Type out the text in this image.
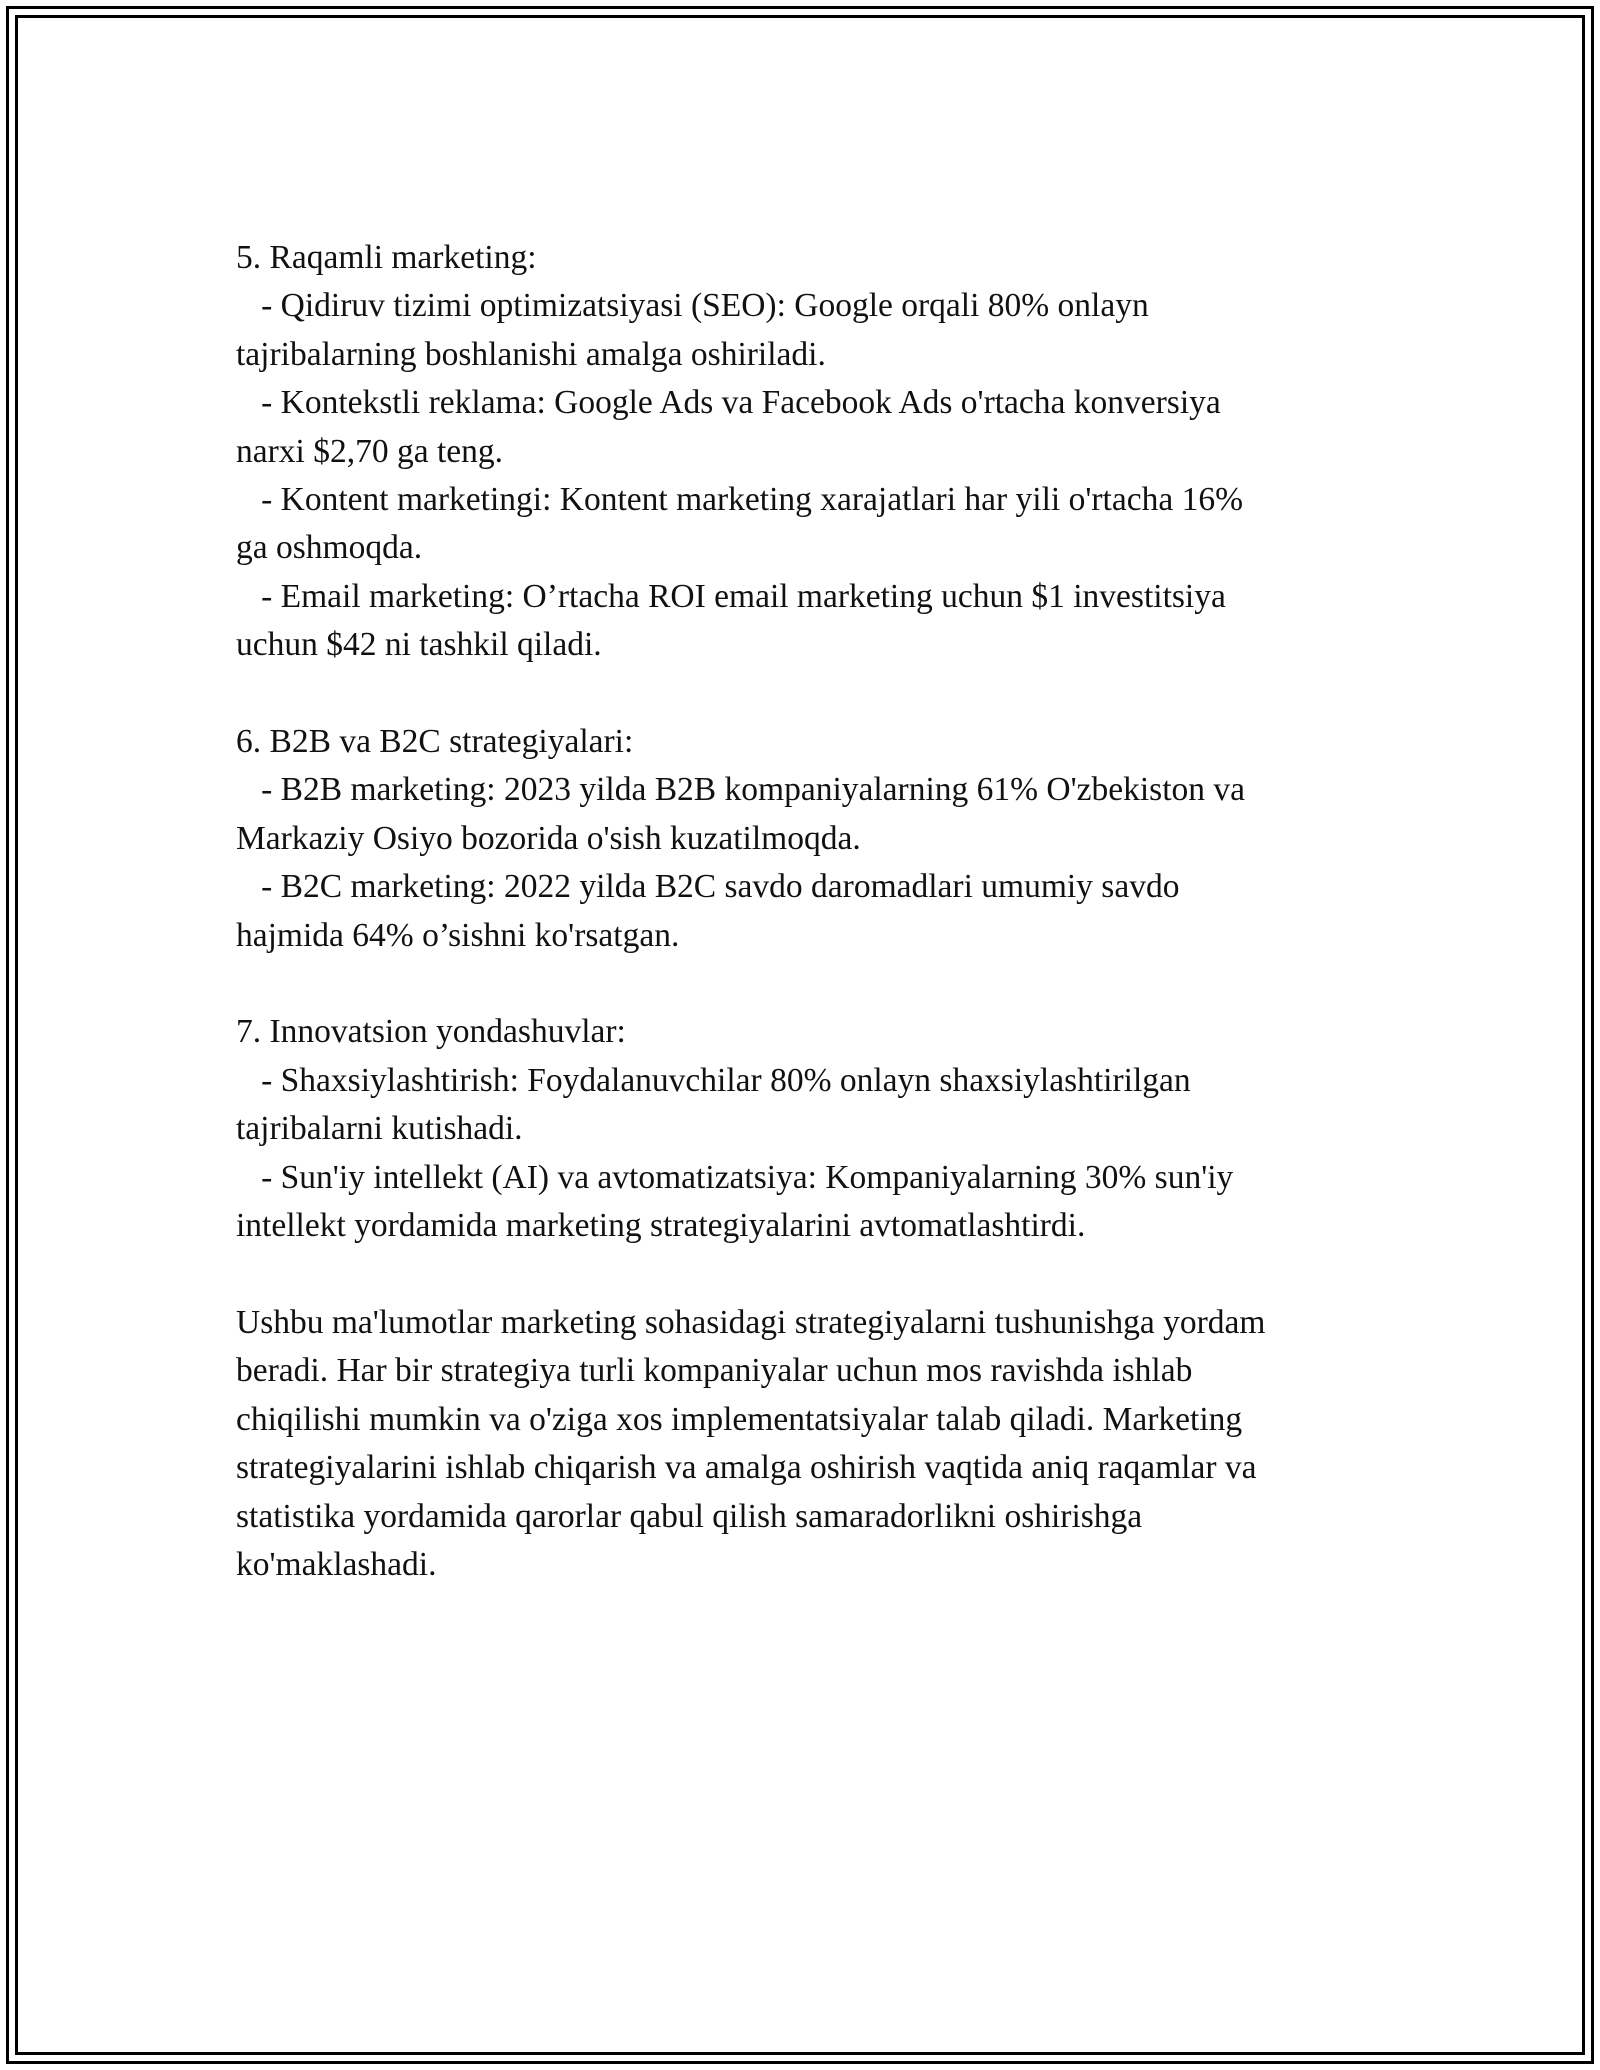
5. Raqamli marketing:

- Qidiruv tizimi optimizatsiyasi (SEO): Google orqali 80% onlayn

tajribalarning boshlanishi amalga oshiriladi.

- Kontekstli reklama: Google Ads va Facebook Ads o'rtacha konversiya

narxi $2,70 ga teng.

- Kontent marketingi: Kontent marketing xarajatlari har yili o'rtacha 16%

ga oshmoqda.

- Email marketing: O’rtacha ROI email marketing uchun $1 investitsiya

uchun $42 ni tashkil qiladi.

6. B2B va B2C strategiyalari:

- B2B marketing: 2023 yilda B2B kompaniyalarning 61% O'zbekiston va

Markaziy Osiyo bozorida o'sish kuzatilmoqda.

- B2C marketing: 2022 yilda B2C savdo daromadlari umumiy savdo

hajmida 64% o’sishni ko'rsatgan.

7. Innovatsion yondashuvlar:

- Shaxsiylashtirish: Foydalanuvchilar 80% onlayn shaxsiylashtirilgan

tajribalarni kutishadi.

- Sun'iy intellekt (AI) va avtomatizatsiya: Kompaniyalarning 30% sun'iy

intellekt yordamida marketing strategiyalarini avtomatlashtirdi.

Ushbu ma'lumotlar marketing sohasidagi strategiyalarni tushunishga yordam

beradi. Har bir strategiya turli kompaniyalar uchun mos ravishda ishlab

chiqilishi mumkin va o'ziga xos implementatsiyalar talab qiladi. Marketing

strategiyalarini ishlab chiqarish va amalga oshirish vaqtida aniq raqamlar va

statistika yordamida qarorlar qabul qilish samaradorlikni oshirishga

ko'maklashadi.
